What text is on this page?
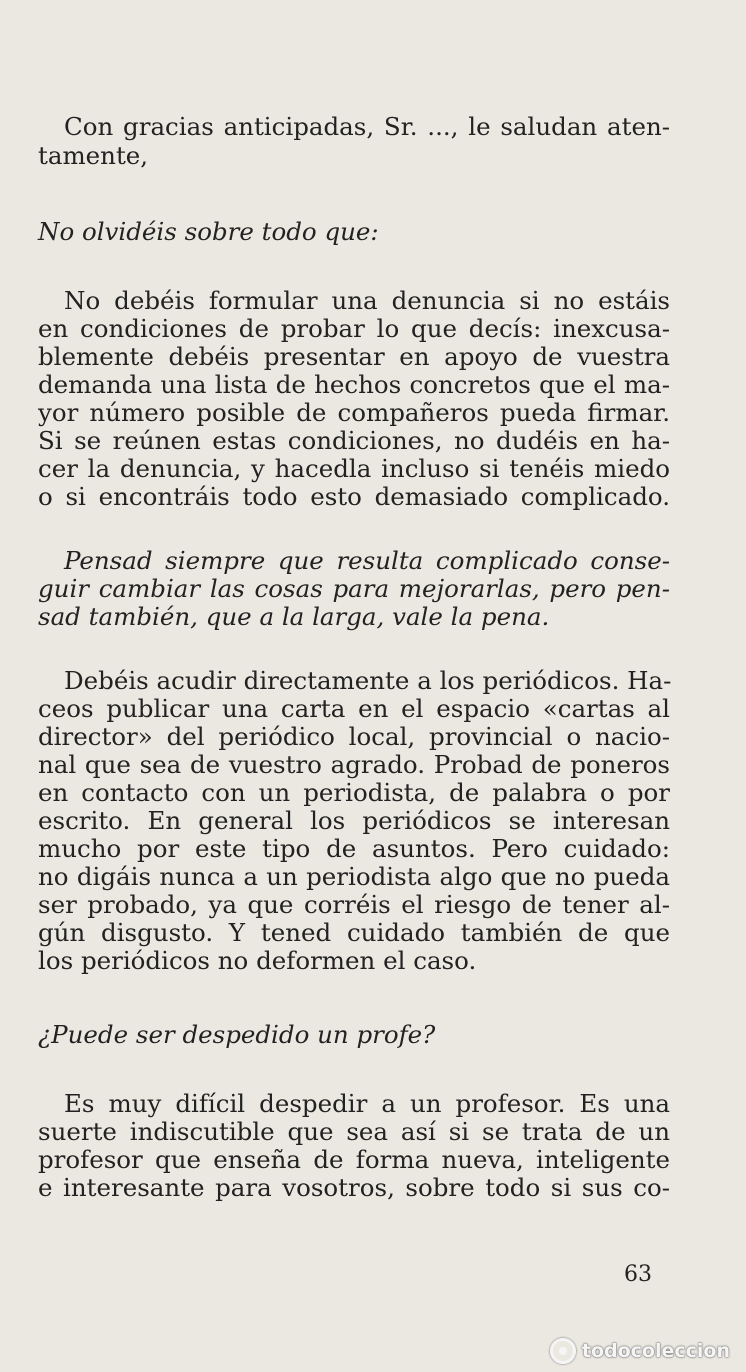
Con gracias anticipadas, Sr. ..., le saludan aten-
tamente,
No olvidéis sobre todo que:
No debéis formular una denuncia si no estáis
en condiciones de probar lo que decís: inexcusa-
blemente debéis presentar en apoyo de vuestra
demanda una lista de hechos concretos que el ma-
yor número posible de compañeros pueda firmar.
Si se reúnen estas condiciones, no dudéis en ha-
cer la denuncia, y hacedla incluso si tenéis miedo
o si encontráis todo esto demasiado complicado.
Pensad siempre que resulta complicado conse-
guir cambiar las cosas para mejorarlas, pero pen-
sad también, que a la larga, vale la pena.
Debéis acudir directamente a los periódicos. Ha-
ceos publicar una carta en el espacio «cartas al
director» del periódico local, provincial o nacio-
nal que sea de vuestro agrado. Probad de poneros
en contacto con un periodista, de palabra o por
escrito. En general los periódicos se interesan
mucho por este tipo de asuntos. Pero cuidado:
no digáis nunca a un periodista algo que no pueda
ser probado, ya que corréis el riesgo de tener al-
gún disgusto. Y tened cuidado también de que
los periódicos no deformen el caso.
¿Puede ser despedido un profe?
Es muy difícil despedir a un profesor. Es una
suerte indiscutible que sea así si se trata de un
profesor que enseña de forma nueva, inteligente
e interesante para vosotros, sobre todo si sus co-
63
todocoleccion
